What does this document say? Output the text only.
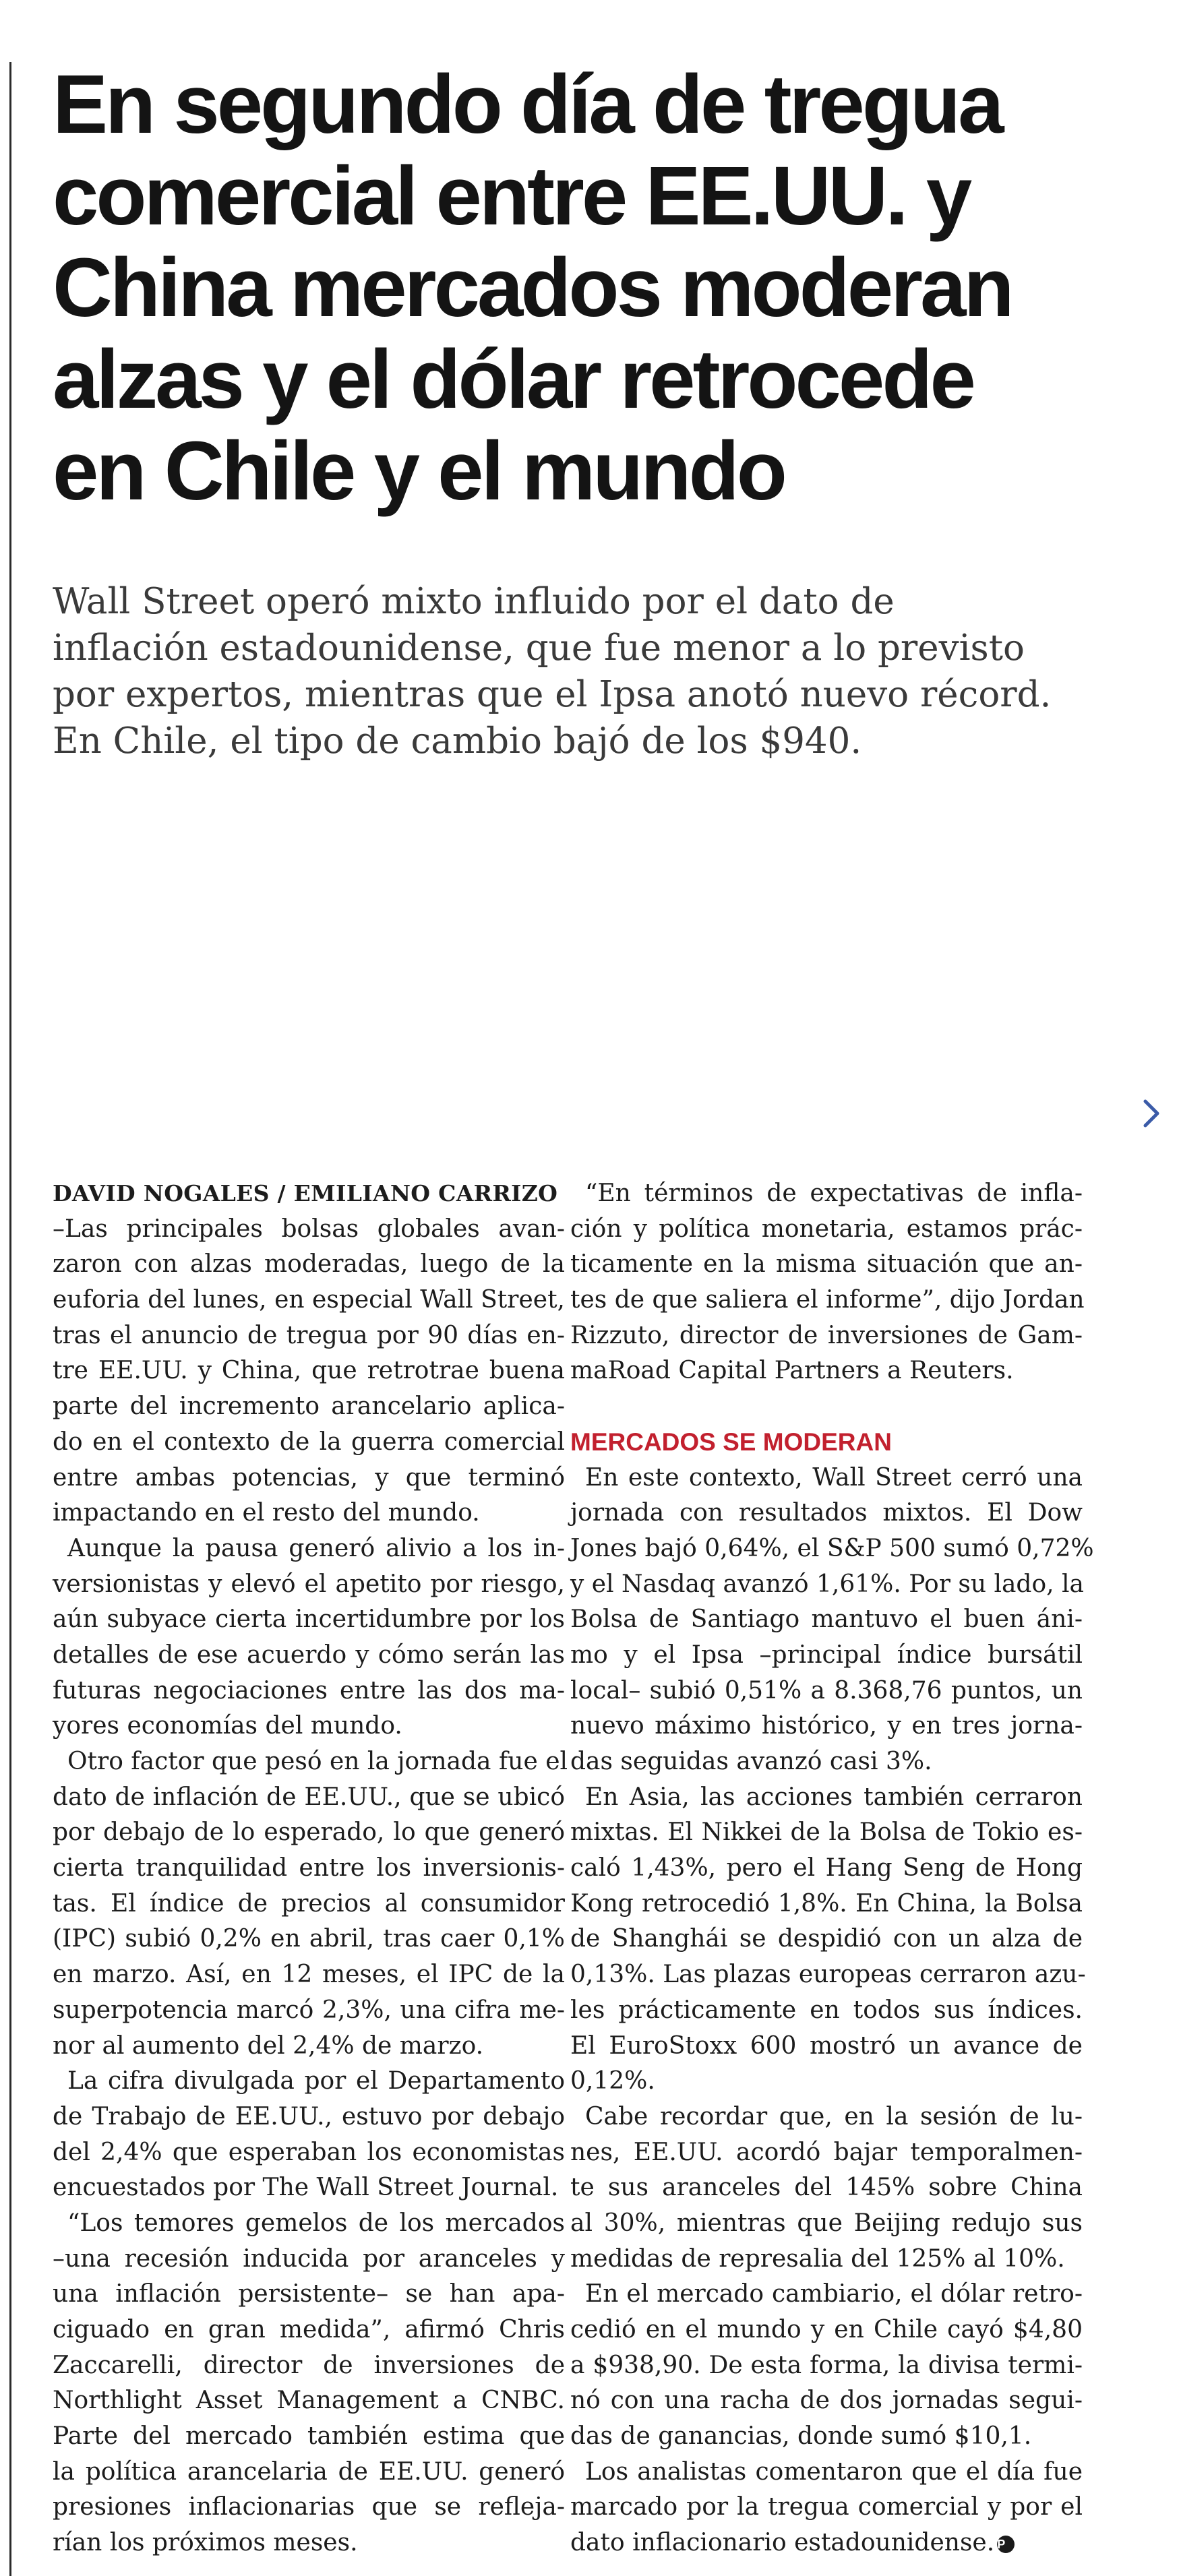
En segundo día de tregua
comercial entre EE.UU. y
China mercados moderan
alzas y el dólar retrocede
en Chile y el mundo
Wall Street operó mixto influido por el dato de
inflación estadounidense, que fue menor a lo previsto
por expertos, mientras que el Ipsa anotó nuevo récord.
En Chile, el tipo de cambio bajó de los $940.
DAVID NOGALES / EMILIANO CARRIZO
–Las principales bolsas globales avan-
zaron con alzas moderadas, luego de la
euforia del lunes, en especial Wall Street,
tras el anuncio de tregua por 90 días en-
tre EE.UU. y China, que retrotrae buena
parte del incremento arancelario aplica-
do en el contexto de la guerra comercial
entre ambas potencias, y que terminó
impactando en el resto del mundo.
Aunque la pausa generó alivio a los in-
versionistas y elevó el apetito por riesgo,
aún subyace cierta incertidumbre por los
detalles de ese acuerdo y cómo serán las
futuras negociaciones entre las dos ma-
yores economías del mundo.
Otro factor que pesó en la jornada fue el
dato de inflación de EE.UU., que se ubicó
por debajo de lo esperado, lo que generó
cierta tranquilidad entre los inversionis-
tas. El índice de precios al consumidor
(IPC) subió 0,2% en abril, tras caer 0,1%
en marzo. Así, en 12 meses, el IPC de la
superpotencia marcó 2,3%, una cifra me-
nor al aumento del 2,4% de marzo.
La cifra divulgada por el Departamento
de Trabajo de EE.UU., estuvo por debajo
del 2,4% que esperaban los economistas
encuestados por The Wall Street Journal.
“Los temores gemelos de los mercados
–una recesión inducida por aranceles y
una inflación persistente– se han apa-
ciguado en gran medida”, afirmó Chris
Zaccarelli, director de inversiones de
Northlight Asset Management a CNBC.
Parte del mercado también estima que
la política arancelaria de EE.UU. generó
presiones inflacionarias que se refleja-
rían los próximos meses.
“En términos de expectativas de infla-
ción y política monetaria, estamos prác-
ticamente en la misma situación que an-
tes de que saliera el informe”, dijo Jordan
Rizzuto, director de inversiones de Gam-
maRoad Capital Partners a Reuters.
MERCADOS SE MODERAN
En este contexto, Wall Street cerró una
jornada con resultados mixtos. El Dow
Jones bajó 0,64%, el S&P 500 sumó 0,72%
y el Nasdaq avanzó 1,61%. Por su lado, la
Bolsa de Santiago mantuvo el buen áni-
mo y el Ipsa –principal índice bursátil
local– subió 0,51% a 8.368,76 puntos, un
nuevo máximo histórico, y en tres jorna-
das seguidas avanzó casi 3%.
En Asia, las acciones también cerraron
mixtas. El Nikkei de la Bolsa de Tokio es-
caló 1,43%, pero el Hang Seng de Hong
Kong retrocedió 1,8%. En China, la Bolsa
de Shanghái se despidió con un alza de
0,13%. Las plazas europeas cerraron azu-
les prácticamente en todos sus índices.
El EuroStoxx 600 mostró un avance de
0,12%.
Cabe recordar que, en la sesión de lu-
nes, EE.UU. acordó bajar temporalmen-
te sus aranceles del 145% sobre China
al 30%, mientras que Beijing redujo sus
medidas de represalia del 125% al 10%.
En el mercado cambiario, el dólar retro-
cedió en el mundo y en Chile cayó $4,80
a $938,90. De esta forma, la divisa termi-
nó con una racha de dos jornadas segui-
das de ganancias, donde sumó $10,1.
Los analistas comentaron que el día fue
marcado por la tregua comercial y por el
dato inflacionario estadounidense. P
